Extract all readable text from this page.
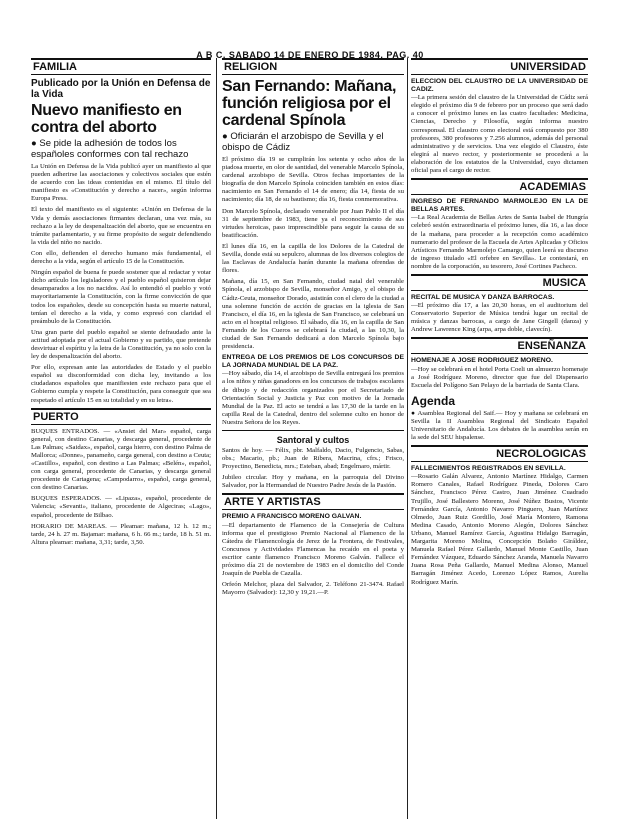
A B C. SABADO 14 DE ENERO DE 1984. PAG. 40
FAMILIA
Publicado por la Unión en Defensa de la Vida
Nuevo manifiesto en contra del aborto
● Se pide la adhesión de todos los españoles conformes con tal rechazo

La Unión en Defensa de la Vida publicó ayer un manifiesto al que pueden adherirse las asociaciones y colectivos sociales que estén de acuerdo con las ideas contenidas en el mismo. El título del manifiesto es «Constitución y derecho a nacer», según informa Europa Press.

El texto del manifiesto es el siguiente: «Unión en Defensa de la Vida y demás asociaciones firmantes declaran, una vez más, su rechazo a la ley de despenalización del aborto, que se encuentra en trámite parlamentario, y su firme propósito de seguir defendiendo la vida del niño no nacido.

Con ello, defienden el derecho humano más fundamental, el derecho a la vida, según el artículo 15 de la Constitución.

Ningún español de buena fe puede sostener que al redactar y votar dicho artículo los legisladores y el pueblo español quisieron dejar desamparados a los no nacidos. Así lo entendió el pueblo y votó mayoritariamente la Constitución, con la firme convicción de que todos los españoles, desde su concepción hasta su muerte natural, tenían el derecho a la vida, y como expresó con claridad el preámbulo de la Constitución.

Una gran parte del pueblo español se siente defraudado ante la actitud adoptada por el actual Gobierno y su partido, que pretende desvirtuar el espíritu y la letra de la Constitución, ya no solo con la ley de despenalización del aborto.

Por ello, expresan ante las autoridades de Estado y el pueblo español su disconformidad con dicha ley, invitando a los ciudadanos españoles que manifiesten este rechazo para que el Gobierno cumpla y respete la Constitución, para conseguir que sea respetado el artículo 15 en su totalidad y en su letra».

PUERTO

BUQUES ENTRADOS. — «Ansiet del Mar» español, carga general, con destino Canarias, y descarga general, procedente de Las Palmas; «Saidax», español, carga hierro, con destino Palma de Mallorca; «Donne», panameño, carga general, con destino a Ceuta; «Castillo», español, con destino a Las Palmas; «Belén», español, con carga general, procedente de Canarias, y descarga general procedente de Cartagena; «Campodarro», español, carga general, con destino Canarias.

BUQUES ESPERADOS. — «Lipaza», español, procedente de Valencia; «Sevanti», italiano, procedente de Algeciras; «Lago», español, procedente de Bilbao.

HORARIO DE MAREAS. — Pleamar: mañana, 12 h. 12 m.; tarde, 24 h. 27 m. Bajamar: mañana, 6 h. 66 m.; tarde, 18 h. 51 m. Altura pleamar: mañana, 3,31; tarde, 3,50.

RELIGION
San Fernando: Mañana, función religiosa por el cardenal Spínola
● Oficiarán el arzobispo de Sevilla y el obispo de Cádiz

El próximo día 19 se cumplirán los setenta y ocho años de la piadosa muerte, en olor de santidad, del venerable Marcelo Spínola, cardenal arzobispo de Sevilla. Otros fechas importantes de la biografía de don Marcelo Spínola coinciden también en estos días: nacimiento en San Fernando el 14 de enero; día 14, fiesta de su nacimiento; día 18, de su bautismo; día 16, fiesta conmemorativa.

Don Marcelo Spínola, declarado venerable por Juan Pablo II el día 31 de septiembre de 1983, tiene ya el reconocimiento de sus virtudes heroicas, paso imprescindible para seguir la causa de su beatificación.

El lunes día 16, en la capilla de los Dolores de la Catedral de Sevilla, donde está su sepulcro, alumnas de los diversos colegios de las Esclavas de Andalucía harán durante la mañana ofrendas de flores.

Mañana, día 15, en San Fernando, ciudad natal del venerable Spínola, el arzobispo de Sevilla, monseñor Amigo, y el obispo de Cádiz-Ceuta, monseñor Dorado, asistirán con el clero de la ciudad a una solemne función de acción de gracias en la iglesia de San Francisco, el día 16, en la iglesia de San Francisco, se celebrará un acto en el hospital religioso. El sábado, día 16, en la capilla de San Fernando de los Cueros se celebrará la ciudad, a las 10,30, la ciudad de San Fernando dedicará a don Marcelo Spínola bajo presidencia.

ENTREGA DE LOS PREMIOS DE LOS CONCURSOS DE LA JORNADA MUNDIAL DE LA PAZ.

—Hoy sábado, día 14, el arzobispo de Sevilla entregará los premios a los niños y niñas ganadores en los concursos de trabajos escolares de dibujo y de redacción organizados por el Secretariado de Orientación Social y Justicia y Paz con motivo de la Jornada Mundial de la Paz. El acto se tendrá a las 17,30 de la tarde en la capilla Real de la Catedral, dentro del solemne culto en honor de Nuestra Señora de los Reyes.

Santoral y cultos

Santos de hoy. — Félix, pbr. Malfaldo, Dacio, Fulgencio, Sabas, obs.; Macario, pb.; Juan de Ribera, Macrina, cfrs.; Frisco, Proyectino, Benedicta, mrs.; Esteban, abad; Engelmaro, mártir.

Jubileo circular. Hoy y mañana, en la parroquia del Divino Salvador, por la Hermandad de Nuestro Padre Jesús de la Pasión.

ARTE Y ARTISTAS
PREMIO A FRANCISCO MORENO GALVAN.

—El departamento de Flamenco de la Consejería de Cultura informa que el prestigioso Premio Nacional al Flamenco de la Cátedra de Flamencología de Jerez de la Frontera, de Festivales, Concursos y Actividades Flamencas ha recaído en el poeta y escritor cante flamenco Francisco Moreno Galván. Fallece el próximo día 21 de noviembre de 1983 en el domicilio del Conde Joaquín de Puebla de Cazalla.

Orfeón Melchor, plaza del Salvador, 2. Teléfono 21-3474. Rafael Mayorro (Salvador): 12,30 y 19,21.—P.

UNIVERSIDAD
ELECCION DEL CLAUSTRO DE LA UNIVERSIDAD DE CADIZ.

—La primera sesión del claustro de la Universidad de Cádiz será elegido el próximo día 9 de febrero por un proceso que será dado a conocer el próximo lunes en las cuatro facultades: Medicina, Ciencias, Derecho y Filosofía, según informa nuestro corresponsal. El claustro como electoral está compuesto por 380 profesores, 380 profesores y 7.256 alumnos, además del personal administrativo y de servicios. Una vez elegido el Claustro, éste elegirá al nuevo rector, y posteriormente se procederá a la elaboración de los estatutos de la Universidad, cuyo dictamen oficial para el cargo de rector.

ACADEMIAS
INGRESO DE FERNANDO MARMOLEJO EN LA DE BELLAS ARTES.

—La Real Academia de Bellas Artes de Santa Isabel de Hungría celebró sesión extraordinaria el próximo lunes, día 16, a las doce de la mañana, para proceder a la recepción como académico numerario del profesor de la Escuela de Artes Aplicadas y Oficios Artísticos Fernando Marmolejo Camargo, quien leerá su discurso de ingreso titulado «El orfebre en Sevilla». Le contestará, en nombre de la corporación, su tesorero, José Cortines Pacheco.

MUSICA
RECITAL DE MUSICA Y DANZA BARROCAS.

—El próximo día 17, a las 20,30 horas, en el auditorium del Conservatorio Superior de Música tendrá lugar un recital de música y danzas barrocas, a cargo de Jane Gingell (danza) y Andrew Lawrence King (arpa, arpa doble, clavecín).

ENSEÑANZA
HOMENAJE A JOSE RODRIGUEZ MORENO.

—Hoy se celebrará en el hotel Porta Coeli un almuerzo homenaje a José Rodríguez Moreno, director que fue del Dispensario Escuela del Polígono San Pelayo de la barriada de Santa Clara.

Agenda

● Asamblea Regional del Saif.— Hoy y mañana se celebrará en Sevilla la II Asamblea Regional del Sindicato Español Universitario de Andalucía. Los debates de la asamblea serán en la sede del SEU hispalense.

NECROLOGICAS
FALLECIMIENTOS REGISTRADOS EN SEVILLA.

—Rosario Galán Alvarez, Antonio Martínez Hidalgo, Carmen Romero Canales, Rafael Rodríguez Pineda, Dolores Caro Sánchez, Francisco Pérez Castro, Juan Jiménez Cuadrado Trujillo, José Ballestero Moreno, José Núñez Bustos, Vicente Fernández García, Antonio Navarro Pinguero, Juan Martínez Olmedo, Juan Ruiz Gordillo, José María Montero, Ramona Medina Casado, Antonio Moreno Alegón, Dolores Sánchez Urbano, Manuel Ramírez García, Agustina Hidalgo Barragán, Margarita Moreno Molina, Concepción Bolaño Giráldez, Manuela Rafael Pérez Gallardo, Manuel Monte Castillo, Juan Fernández Vázquez, Eduardo Sánchez Aranda, Manuela Navarro Juana Rosa Peña Gallardo, Manuel Medina Alonso, Manuel Barragán Jiménez Acedo, Lorenzo López Ramos, Aurelia Rodríguez Marín.
